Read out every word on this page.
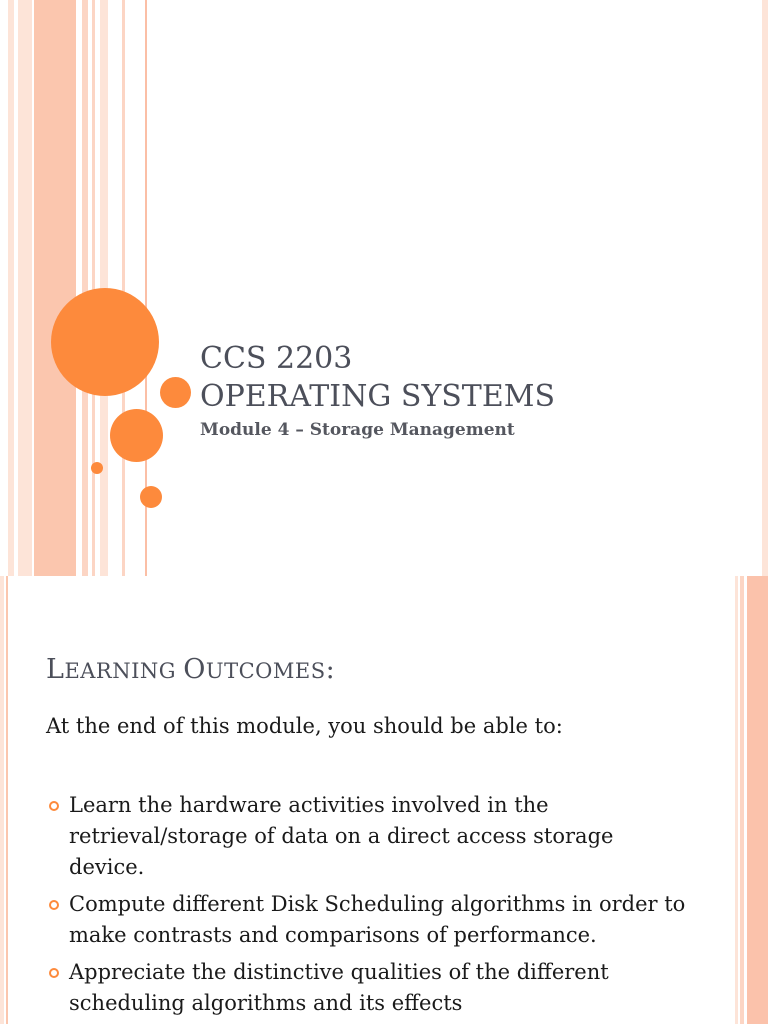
CCS 2203
OPERATING SYSTEMS
Module 4 – Storage Management
LEARNING OUTCOMES:
At the end of this module, you should be able to:
Learn the hardware activities involved in the retrieval/storage of data on a direct access storage device.
Compute different Disk Scheduling algorithms in order to make contrasts and comparisons of performance.
Appreciate the distinctive qualities of the different scheduling algorithms and its effects
